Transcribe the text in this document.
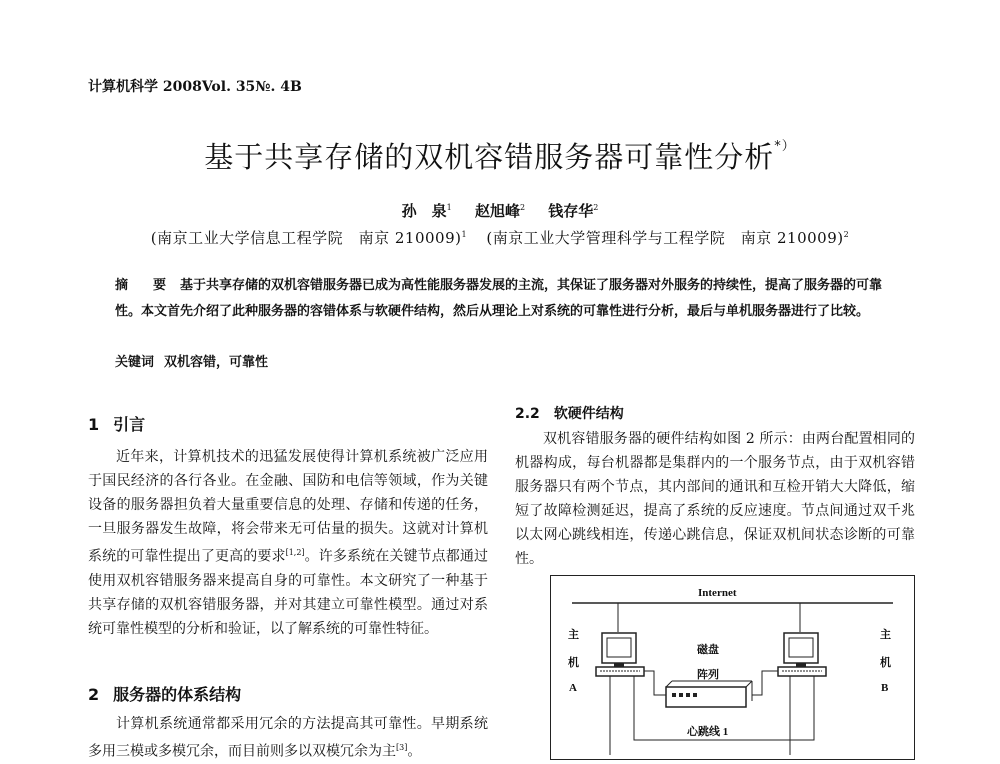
计算机科学 2008Vol. 35№. 4B
基于共享存储的双机容错服务器可靠性分析*）
孙　泉$^1$ 赵旭峰$^2$ 钱存华$^2$
(南京工业大学信息工程学院　南京 210009)$^1$ (南京工业大学管理科学与工程学院　南京 210009)$^2$
摘　要 基于共享存储的双机容错服务器已成为高性能服务器发展的主流，其保证了服务器对外服务的持续性，提高了服务器的可靠性。本文首先介绍了此种服务器的容错体系与软硬件结构，然后从理论上对系统的可靠性进行分析，最后与单机服务器进行了比较。
关键词 双机容错，可靠性
1 引言
近年来，计算机技术的迅猛发展使得计算机系统被广泛应用于国民经济的各行各业。在金融、国防和电信等领域，作为关键设备的服务器担负着大量重要信息的处理、存储和传递的任务，一旦服务器发生故障，将会带来无可估量的损失。这就对计算机系统的可靠性提出了更高的要求[1,2]。许多系统在关键节点都通过使用双机容错服务器来提高自身的可靠性。本文研究了一种基于共享存储的双机容错服务器，并对其建立可靠性模型。通过对系统可靠性模型的分析和验证，以了解系统的可靠性特征。
2 服务器的体系结构
计算机系统通常都采用冗余的方法提高其可靠性。早期系统多用三模或多模冗余，而目前则多以双模冗余为主[3]。
2.2 软硬件结构
双机容错服务器的硬件结构如图 2 所示：由两台配置相同的机器构成，每台机器都是集群内的一个服务节点，由于双机容错服务器只有两个节点，其内部间的通讯和互检开销大大降低，缩短了故障检测延迟，提高了系统的反应速度。节点间通过双千兆以太网心跳线相连，传递心跳信息，保证双机间状态诊断的可靠性。
Internet
主
机
A
主
机
B
磁盘
阵列
心跳线 1
